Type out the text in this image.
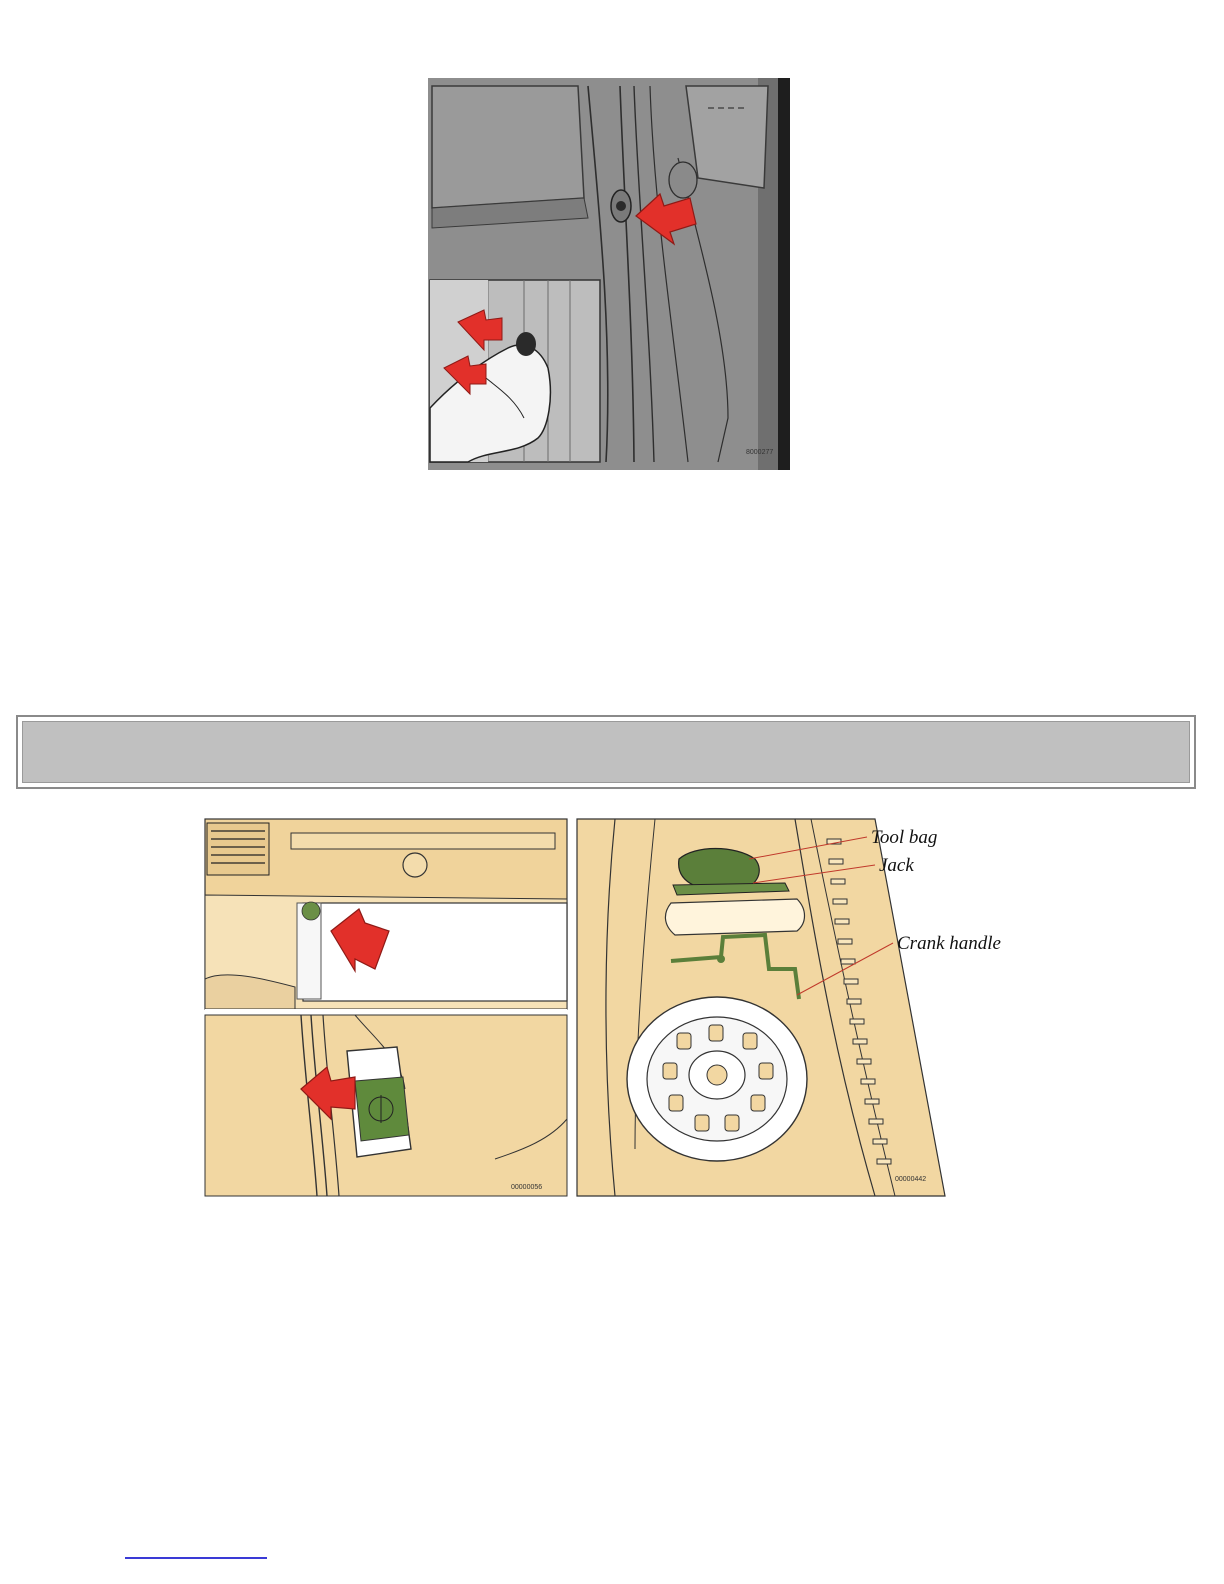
8000277
00000056
Tool bag
Jack
Crank handle
00000442
